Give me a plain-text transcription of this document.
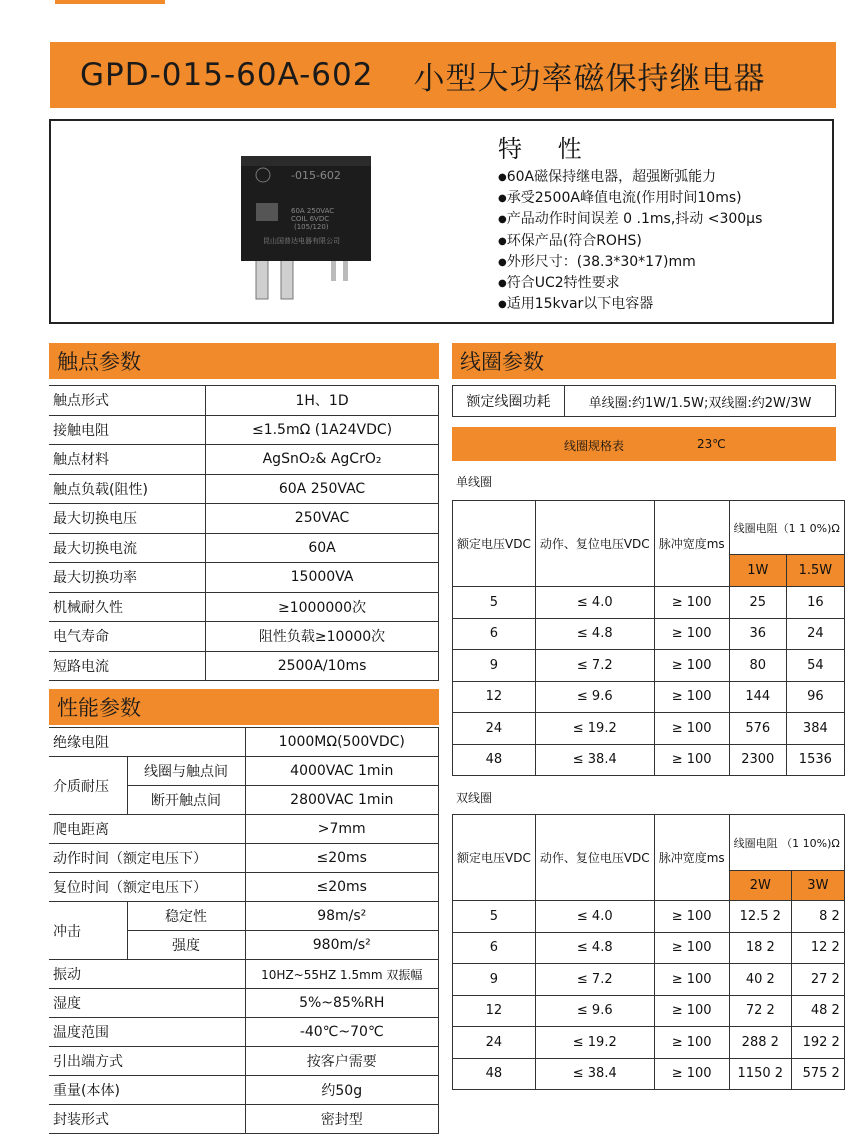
GPD-015-60A-602 小型大功率磁保持继电器
-015-602
60A 250VAC
COIL 6VDC
(105/120)
昆山国普达电器有限公司
特 性
● 60A磁保持继电器，超强断弧能力
● 承受2500A峰值电流(作用时间10ms)
● 产品动作时间误差 0 .1ms,抖动 <300μs
● 环保产品(符合ROHS)
● 外形尺寸：(38.3*30*17)mm
● 符合UC2特性要求
● 适用15kvar以下电容器
触点参数
触点形式	1H、1D
接触电阻	≤1.5mΩ (1A24VDC)
触点材料	AgSnO₂& AgCrO₂
触点负载(阻性)	60A 250VAC
最大切换电压	250VAC
最大切换电流	60A
最大切换功率	15000VA
机械耐久性	≥1000000次
电气寿命	阻性负载≥10000次
短路电流	2500A/10ms
性能参数
绝缘电阻		1000MΩ(500VDC)
介质耐压	线圈与触点间	4000VAC 1min
	断开触点间	2800VAC 1min
爬电距离		>7mm
动作时间（额定电压下）		≤20ms
复位时间（额定电压下）		≤20ms
冲击	稳定性	98m/s²
	强度	980m/s²
振动		10HZ~55HZ 1.5mm 双振幅
湿度		5%~85%RH
温度范围		-40℃~70℃
引出端方式		按客户需要
重量(本体)		约50g
封装形式		密封型
线圈参数
额定线圈功耗	单线圈:约1W/1.5W;双线圈:约2W/3W
线圈规格表	23℃
单线圈
额定电压VDC	动作、复位电压VDC	脉冲宽度ms	线圈电阻（1 1 0%)Ω	
			1W	1.5W
5	≤ 4.0	≥ 100	25	16
6	≤ 4.8	≥ 100	36	24
9	≤ 7.2	≥ 100	80	54
12	≤ 9.6	≥ 100	144	96
24	≤ 19.2	≥ 100	576	384
48	≤ 38.4	≥ 100	2300	1536
双线圈
额定电压VDC	动作、复位电压VDC	脉冲宽度ms	线圈电阻 （1 10%)Ω	
			2W	3W
5	≤ 4.0	≥ 100	12.5 2	8 2
6	≤ 4.8	≥ 100	18 2	12 2
9	≤ 7.2	≥ 100	40 2	27 2
12	≤ 9.6	≥ 100	72 2	48 2
24	≤ 19.2	≥ 100	288 2	192 2
48	≤ 38.4	≥ 100	1150 2	575 2
